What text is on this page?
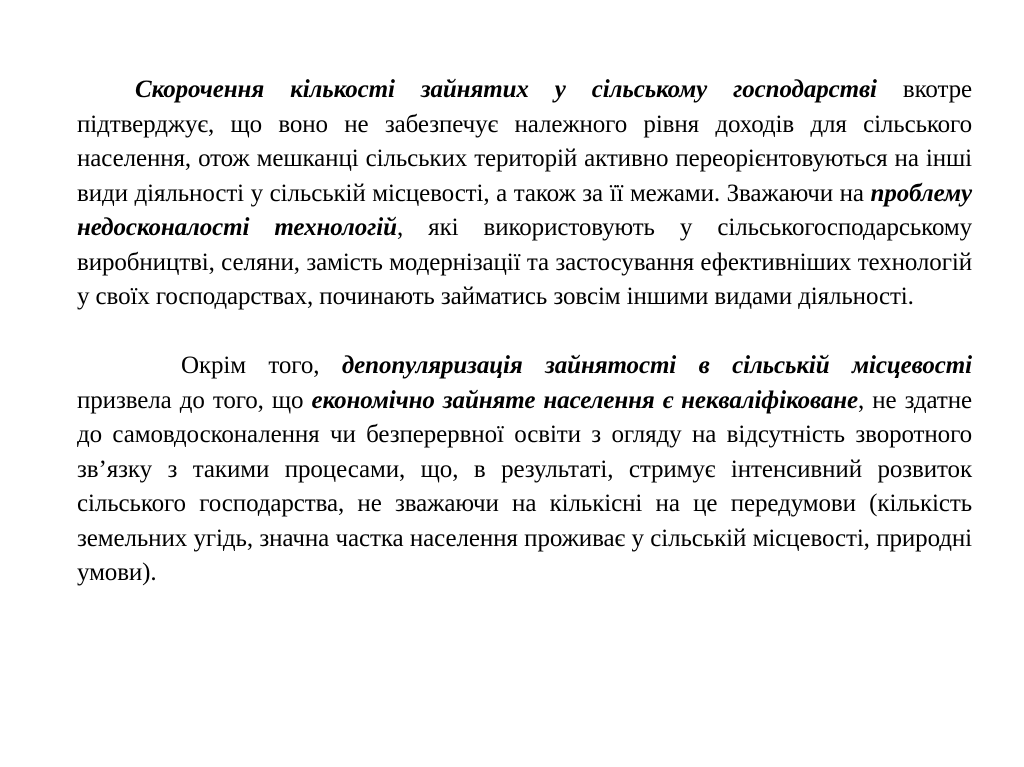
Скорочення кількості зайнятих у сільському господарстві вкотре підтверджує, що воно не забезпечує належного рівня доходів для сільського населення, отож мешканці сільських територій активно переорієнтовуються на інші види діяльності у сільській місцевості, а також за її межами. Зважаючи на проблему недосконалості технологій, які використовують у сільськогосподарському виробництві, селяни, замість модернізації та застосування ефективніших технологій у своїх господарствах, починають займатись зовсім іншими видами діяльності.

Окрім того, депопуляризація зайнятості в сільській місцевості призвела до того, що економічно зайняте населення є некваліфіковане, не здатне до самовдосконалення чи безперервної освіти з огляду на відсутність зворотного зв’язку з такими процесами, що, в результаті, стримує інтенсивний розвиток сільського господарства, не зважаючи на кількісні на це передумови (кількість земельних угідь, значна частка населення проживає у сільській місцевості, природні умови).
